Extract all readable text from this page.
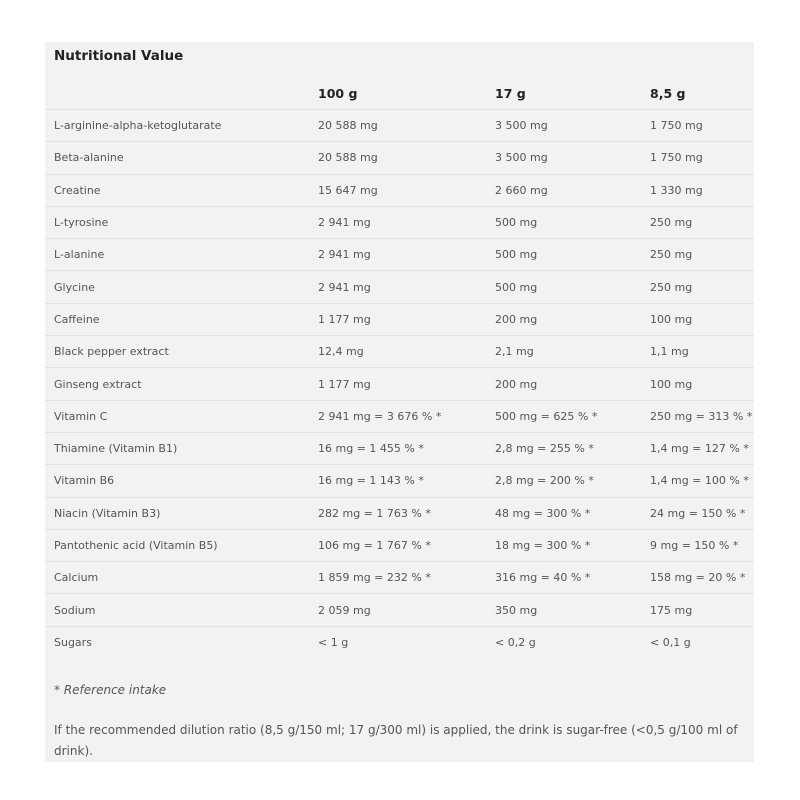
Nutritional Value
	100 g	17 g	8,5 g
L-arginine-alpha-ketoglutarate	20 588 mg	3 500 mg	1 750 mg
Beta-alanine	20 588 mg	3 500 mg	1 750 mg
Creatine	15 647 mg	2 660 mg	1 330 mg
L-tyrosine	2 941 mg	500 mg	250 mg
L-alanine	2 941 mg	500 mg	250 mg
Glycine	2 941 mg	500 mg	250 mg
Caffeine	1 177 mg	200 mg	100 mg
Black pepper extract	12,4 mg	2,1 mg	1,1 mg
Ginseng extract	1 177 mg	200 mg	100 mg
Vitamin C	2 941 mg = 3 676 % *	500 mg = 625 % *	250 mg = 313 % *
Thiamine (Vitamin B1)	16 mg = 1 455 % *	2,8 mg = 255 % *	1,4 mg = 127 % *
Vitamin B6	16 mg = 1 143 % *	2,8 mg = 200 % *	1,4 mg = 100 % *
Niacin (Vitamin B3)	282 mg = 1 763 % *	48 mg = 300 % *	24 mg = 150 % *
Pantothenic acid (Vitamin B5)	106 mg = 1 767 % *	18 mg = 300 % *	9 mg = 150 % *
Calcium	1 859 mg = 232 % *	316 mg = 40 % *	158 mg = 20 % *
Sodium	2 059 mg	350 mg	175 mg
Sugars	< 1 g	< 0,2 g	< 0,1 g

* Reference intake

If the recommended dilution ratio (8,5 g/150 ml; 17 g/300 ml) is applied, the drink is sugar-free (<0,5 g/100 ml of drink).
